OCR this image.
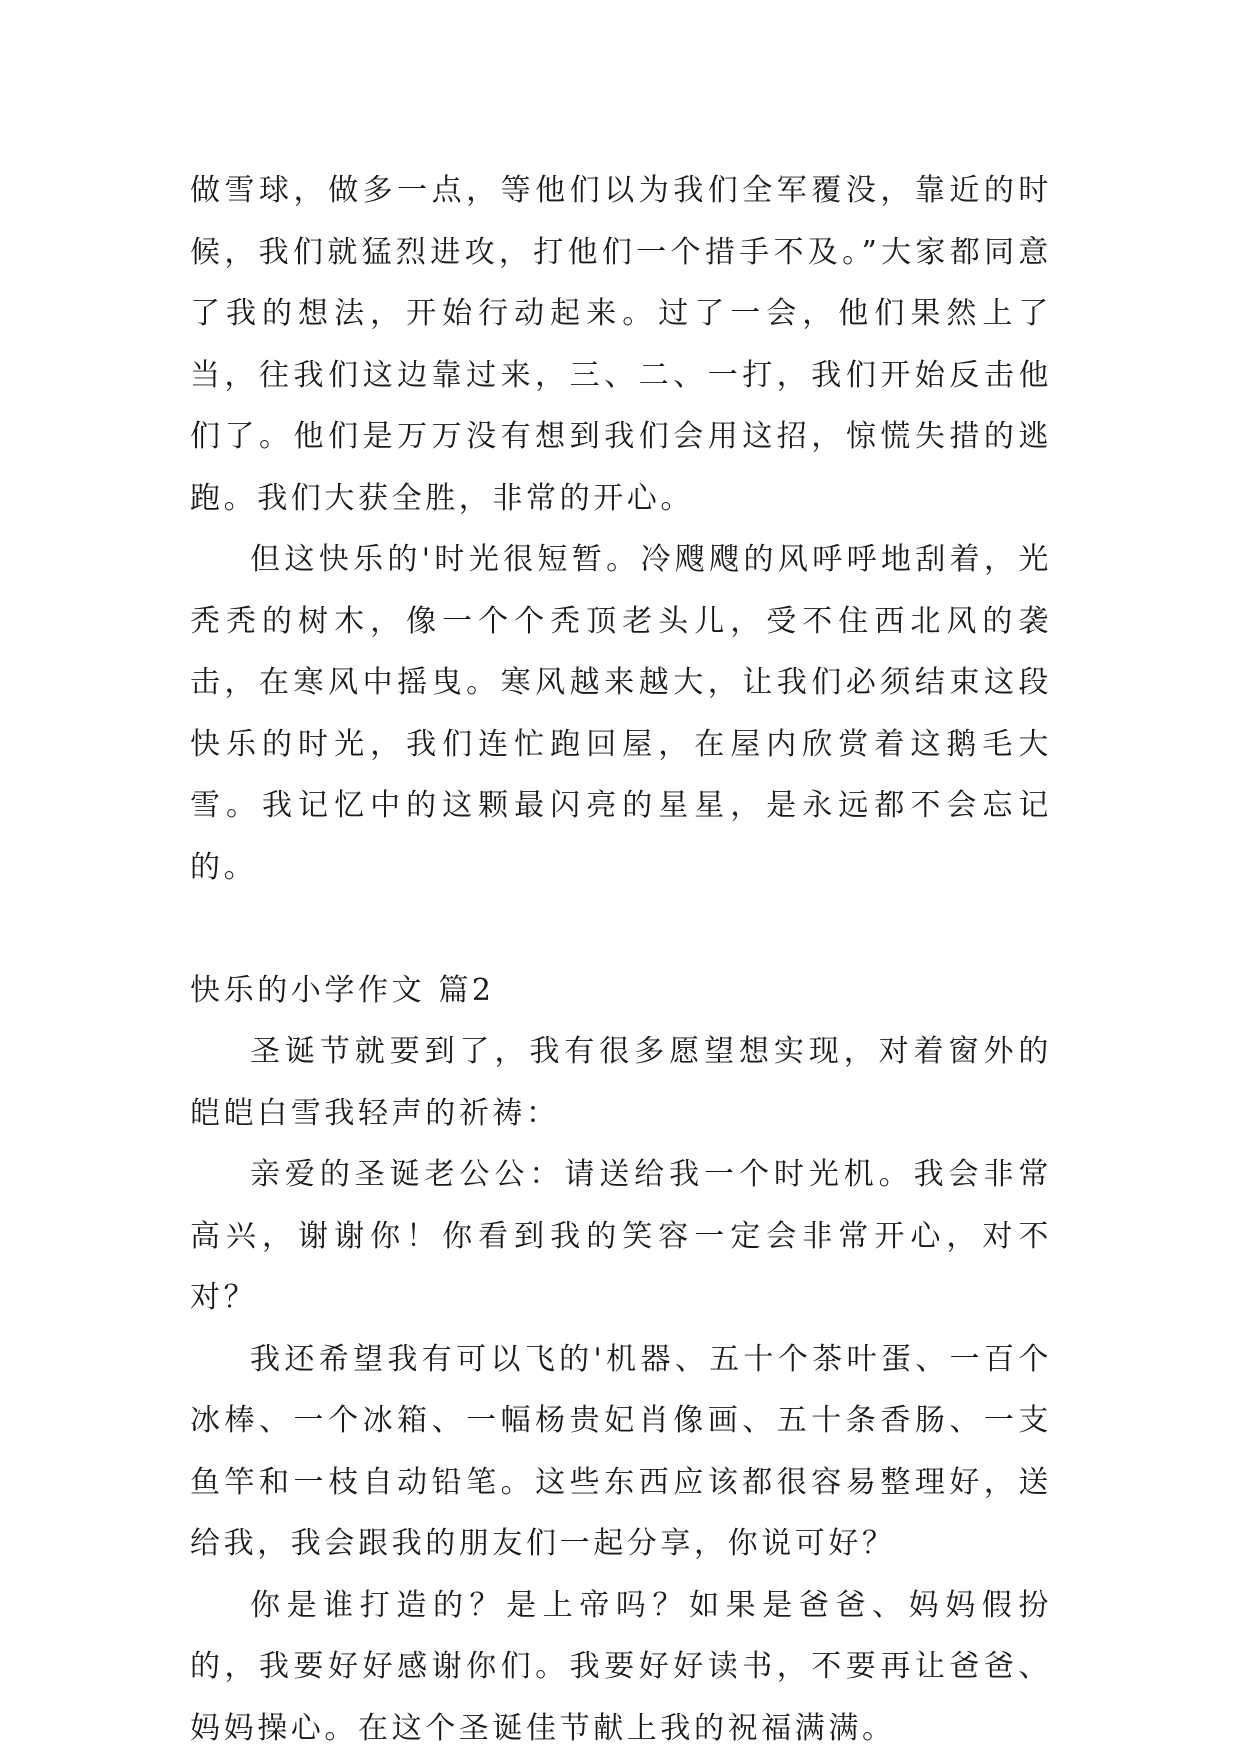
做雪球，做多一点，等他们以为我们全军覆没，靠近的时候，我们就猛烈进攻，打他们一个措手不及。”大家都同意了我的想法，开始行动起来。过了一会，他们果然上了当，往我们这边靠过来，三、二、一打，我们开始反击他们了。他们是万万没有想到我们会用这招，惊慌失措的逃跑。我们大获全胜，非常的开心。

但这快乐的'时光很短暂。冷飕飕的风呼呼地刮着，光秃秃的树木，像一个个秃顶老头儿，受不住西北风的袭击，在寒风中摇曳。寒风越来越大，让我们必须结束这段快乐的时光，我们连忙跑回屋，在屋内欣赏着这鹅毛大雪。我记忆中的这颗最闪亮的星星，是永远都不会忘记的。

快乐的小学作文 篇2

圣诞节就要到了，我有很多愿望想实现，对着窗外的皑皑白雪我轻声的祈祷：

亲爱的圣诞老公公：请送给我一个时光机。我会非常高兴，谢谢你！你看到我的笑容一定会非常开心，对不对？

我还希望我有可以飞的'机器、五十个茶叶蛋、一百个冰棒、一个冰箱、一幅杨贵妃肖像画、五十条香肠、一支鱼竿和一枝自动铅笔。这些东西应该都很容易整理好，送给我，我会跟我的朋友们一起分享，你说可好？

你是谁打造的？是上帝吗？如果是爸爸、妈妈假扮的，我要好好感谢你们。我要好好读书，不要再让爸爸、妈妈操心。在这个圣诞佳节献上我的祝福满满。
